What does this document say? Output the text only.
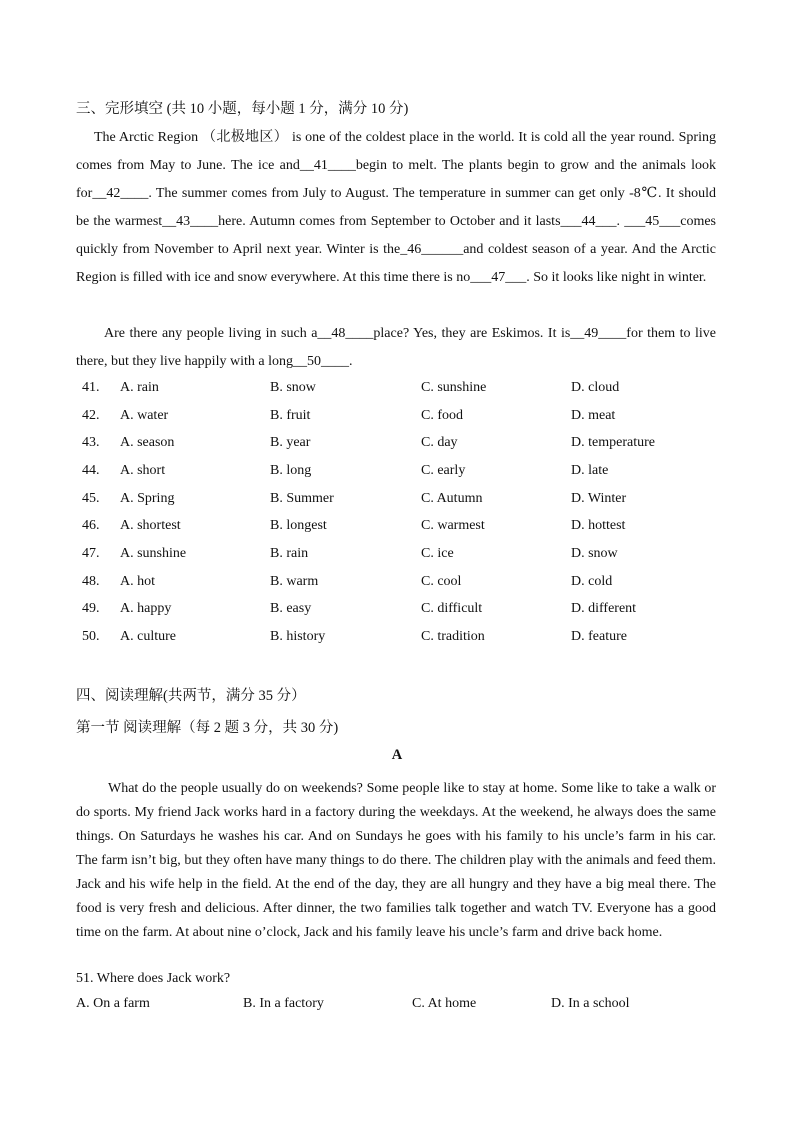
三、完形填空 (共 10 小题，每小题 1 分，满分 10 分)

The Arctic Region （北极地区） is one of the coldest place in the world. It is cold all the year round. Spring comes from May to June. The ice and__41____begin to melt. The plants begin to grow and the animals look for__42____. The summer comes from July to August. The temperature in summer can get only -8℃. It should be the warmest__43____here. Autumn comes from September to October and it lasts___44___. ___45___comes quickly from November to April next year. Winter is the_46______and coldest season of a year. And the Arctic Region is filled with ice and snow everywhere. At this time there is no___47___. So it looks like night in winter.

Are there any people living in such a__48____place? Yes, they are Eskimos. It is__49____for them to live there, but they live happily with a long__50____.

41. A. rain	B. snow	C. sunshine	D. cloud
42. A. water	B. fruit	C. food	D. meat
43. A. season	B. year	C. day	D. temperature
44. A. short	B. long	C. early	D. late
45. A. Spring	B. Summer	C. Autumn	D. Winter
46. A. shortest	B. longest	C. warmest	D. hottest
47. A. sunshine	B. rain	C. ice	D. snow
48. A. hot	B. warm	C. cool	D. cold
49. A. happy	B. easy	C. difficult	D. different
50. A. culture	B. history	C. tradition	D. feature
四、阅读理解(共两节，满分 35 分）
第一节 阅读理解（每 2 题 3 分，共 30 分)
A

What do the people usually do on weekends? Some people like to stay at home. Some like to take a walk or do sports. My friend Jack works hard in a factory during the weekdays. At the weekend, he always does the same things. On Saturdays he washes his car. And on Sundays he goes with his family to his uncle’s farm in his car. The farm isn’t big, but they often have many things to do there. The children play with the animals and feed them. Jack and his wife help in the field. At the end of the day, they are all hungry and they have a big meal there. The food is very fresh and delicious. After dinner, the two families talk together and watch TV. Everyone has a good time on the farm. At about nine o’clock, Jack and his family leave his uncle’s farm and drive back home.

51. Where does Jack work?
A. On a farm	B. In a factory	C. At home	D. In a school
